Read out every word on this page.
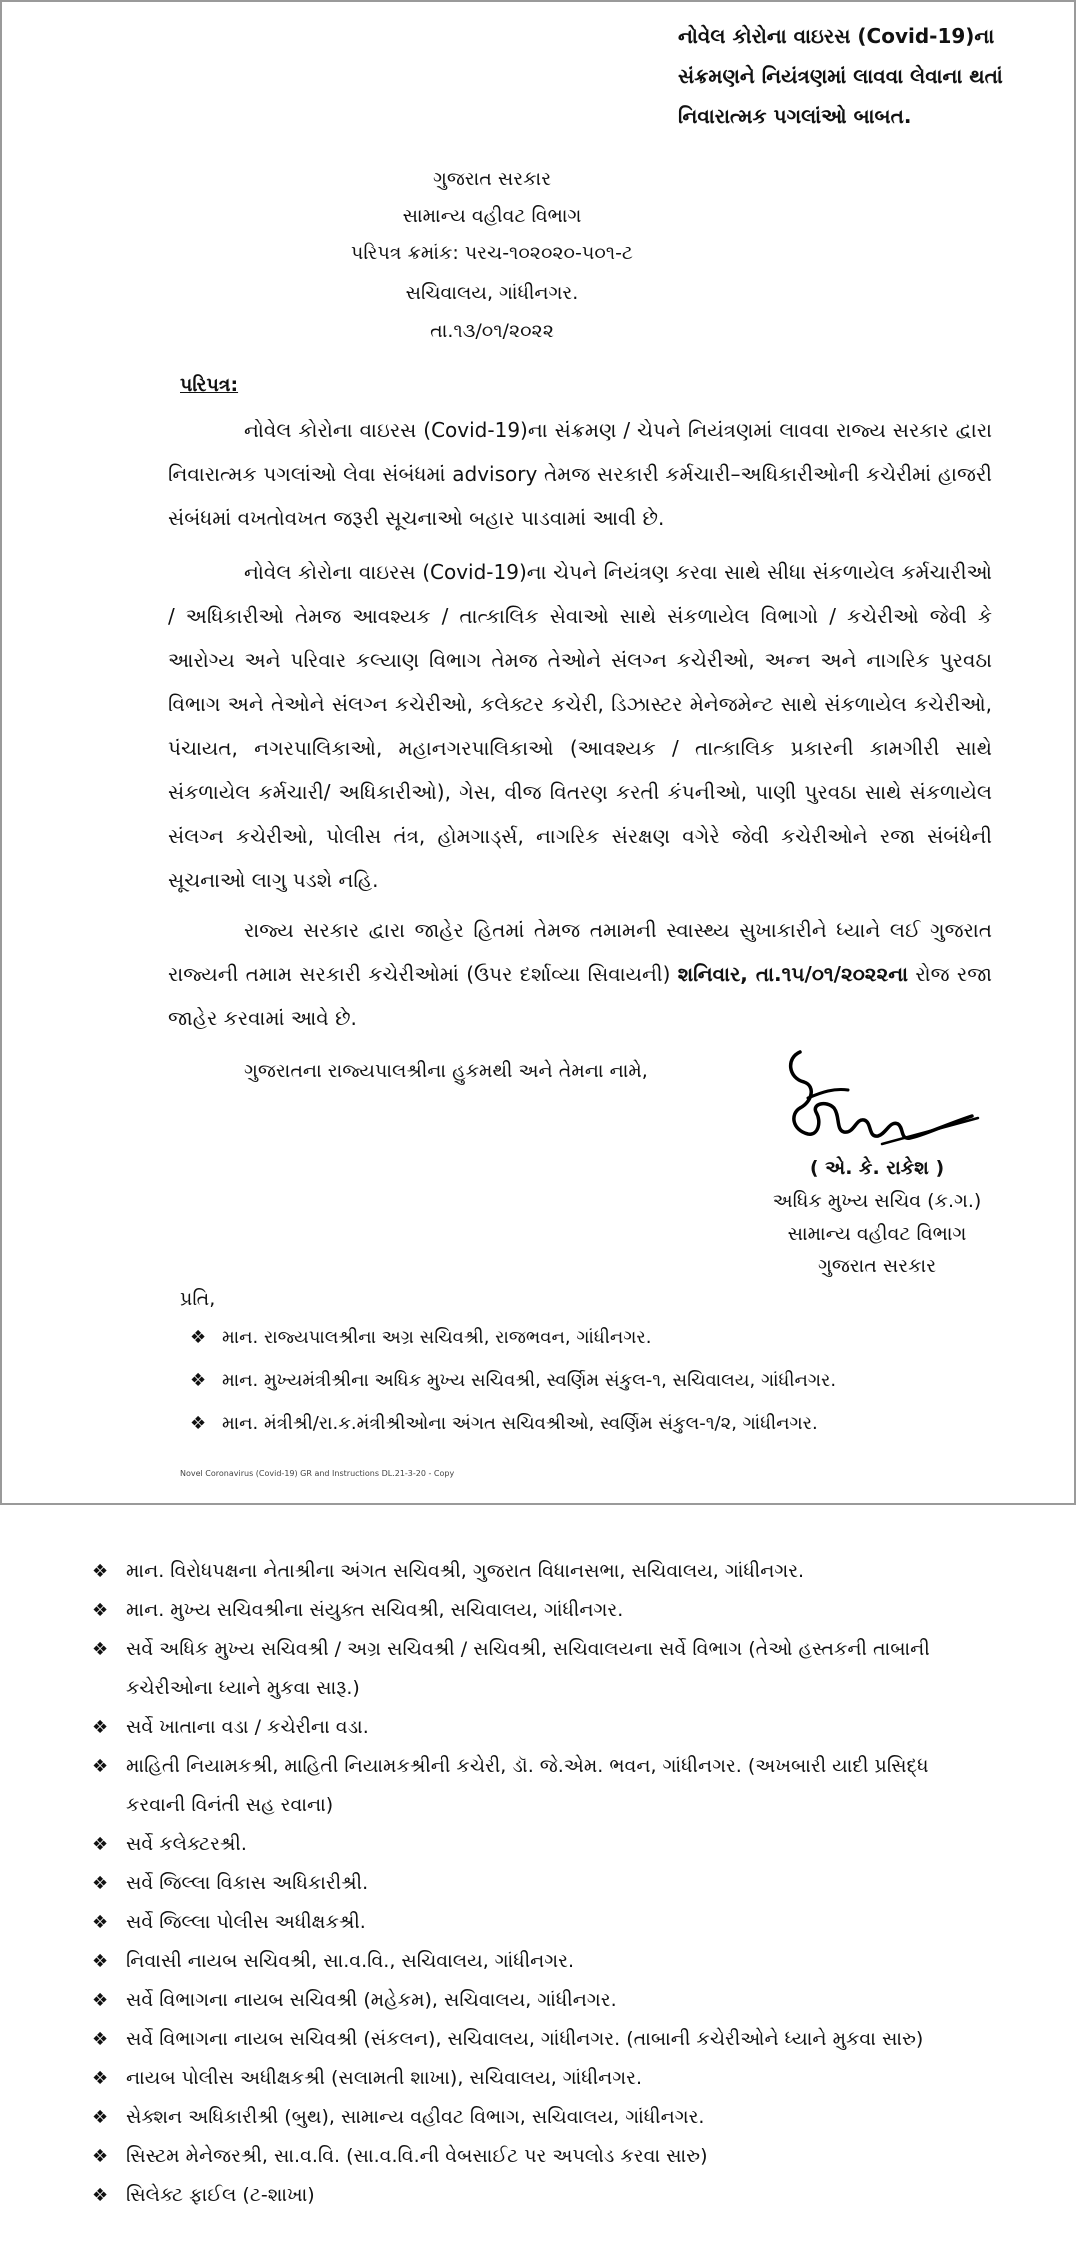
નોવેલ કોરોના વાઇરસ (Covid-19)ના
સંક્રમણને નિયંત્રણમાં લાવવા લેવાના થતાં
નિવારાત્મક પગલાંઓ બાબત.
ગુજરાત સરકાર
સામાન્ય વહીવટ વિભાગ
પરિપત્ર ક્રમાંક: પરચ-૧૦૨૦૨૦-૫૦૧-ટ
સચિવાલય, ગાંધીનગર.
તા.૧૩/૦૧/૨૦૨૨
પરિપત્ર:

નોવેલ કોરોના વાઇરસ (Covid-19)ના સંક્રમણ / ચેપને નિયંત્રણમાં લાવવા રાજ્ય સરકાર દ્વારા નિવારાત્મક પગલાંઓ લેવા સંબંધમાં advisory તેમજ સરકારી કર્મચારી–અધિકારીઓની કચેરીમાં હાજરી સંબંધમાં વખતોવખત જરૂરી સૂચનાઓ બહાર પાડવામાં આવી છે.

નોવેલ કોરોના વાઇરસ (Covid-19)ના ચેપને નિયંત્રણ કરવા સાથે સીધા સંકળાયેલ કર્મચારીઓ / અધિકારીઓ તેમજ આવશ્યક / તાત્કાલિક સેવાઓ સાથે સંકળાયેલ વિભાગો / કચેરીઓ જેવી કે આરોગ્ય અને પરિવાર કલ્યાણ વિભાગ તેમજ તેઓને સંલગ્ન કચેરીઓ, અન્ન અને નાગરિક પુરવઠા વિભાગ અને તેઓને સંલગ્ન કચેરીઓ, કલેક્ટર કચેરી, ડિઝાસ્ટર મેનેજમેન્ટ સાથે સંકળાયેલ કચેરીઓ, પંચાયત, નગરપાલિકાઓ, મહાનગરપાલિકાઓ (આવશ્યક / તાત્કાલિક પ્રકારની કામગીરી સાથે સંકળાયેલ કર્મચારી/ અધિકારીઓ), ગેસ, વીજ વિતરણ કરતી કંપનીઓ, પાણી પુરવઠા સાથે સંકળાયેલ સંલગ્ન કચેરીઓ, પોલીસ તંત્ર, હોમગાર્ડ્સ, નાગરિક સંરક્ષણ વગેરે જેવી કચેરીઓને રજા સંબંધેની સૂચનાઓ લાગુ પડશે નહિ.

રાજ્ય સરકાર દ્વારા જાહેર હિતમાં તેમજ તમામની સ્વાસ્થ્ય સુખાકારીને ધ્યાને લઈ ગુજરાત રાજ્યની તમામ સરકારી કચેરીઓમાં (ઉપર દર્શાવ્યા સિવાયની) શનિવાર, તા.૧૫/૦૧/૨૦૨૨ના રોજ રજા જાહેર કરવામાં આવે છે.

ગુજરાતના રાજ્યપાલશ્રીના હુકમથી અને તેમના નામે,
( એ. કે. રાકેશ )
અધિક મુખ્ય સચિવ (ક.ગ.)
સામાન્ય વહીવટ વિભાગ
ગુજરાત સરકાર
પ્રતિ,
❖ માન. રાજ્યપાલશ્રીના અગ્ર સચિવશ્રી, રાજભવન, ગાંધીનગર.
❖ માન. મુખ્યમંત્રીશ્રીના અધિક મુખ્ય સચિવશ્રી, સ્વર્ણિમ સંકુલ-૧, સચિવાલય, ગાંધીનગર.
❖ માન. મંત્રીશ્રી/રા.ક.મંત્રીશ્રીઓના અંગત સચિવશ્રીઓ, સ્વર્ણિમ સંકુલ-૧/૨, ગાંધીનગર.
Novel Coronavirus (Covid-19) GR and Instructions DL.21-3-20 - Copy
❖ માન. વિરોધપક્ષના નેતાશ્રીના અંગત સચિવશ્રી, ગુજરાત વિધાનસભા, સચિવાલય, ગાંધીનગર.
❖ માન. મુખ્ય સચિવશ્રીના સંયુક્ત સચિવશ્રી, સચિવાલય, ગાંધીનગર.
❖ સર્વે અધિક મુખ્ય સચિવશ્રી / અગ્ર સચિવશ્રી / સચિવશ્રી, સચિવાલયના સર્વે વિભાગ (તેઓ હસ્તકની તાબાની કચેરીઓના ધ્યાને મુકવા સારૂ.)
❖ સર્વે ખાતાના વડા / કચેરીના વડા.
❖ માહિતી નિયામકશ્રી, માહિતી નિયામકશ્રીની કચેરી, ડૉ. જે.એમ. ભવન, ગાંધીનગર. (અખબારી યાદી પ્રસિદ્ધ કરવાની વિનંતી સહ રવાના)
❖ સર્વે કલેક્ટરશ્રી.
❖ સર્વે જિલ્લા વિકાસ અધિકારીશ્રી.
❖ સર્વે જિલ્લા પોલીસ અધીક્ષકશ્રી.
❖ નિવાસી નાયબ સચિવશ્રી, સા.વ.વિ., સચિવાલય, ગાંધીનગર.
❖ સર્વે વિભાગના નાયબ સચિવશ્રી (મહેકમ), સચિવાલય, ગાંધીનગર.
❖ સર્વે વિભાગના નાયબ સચિવશ્રી (સંકલન), સચિવાલય, ગાંધીનગર. (તાબાની કચેરીઓને ધ્યાને મુકવા સારુ)
❖ નાયબ પોલીસ અધીક્ષકશ્રી (સલામતી શાખા), સચિવાલય, ગાંધીનગર.
❖ સેક્શન અધિકારીશ્રી (બુથ), સામાન્ય વહીવટ વિભાગ, સચિવાલય, ગાંધીનગર.
❖ સિસ્ટમ મેનેજરશ્રી, સા.વ.વિ. (સા.વ.વિ.ની વેબસાઈટ પર અપલોડ કરવા સારુ)
❖ સિલેક્ટ ફાઈલ (ટ-શાખા)
